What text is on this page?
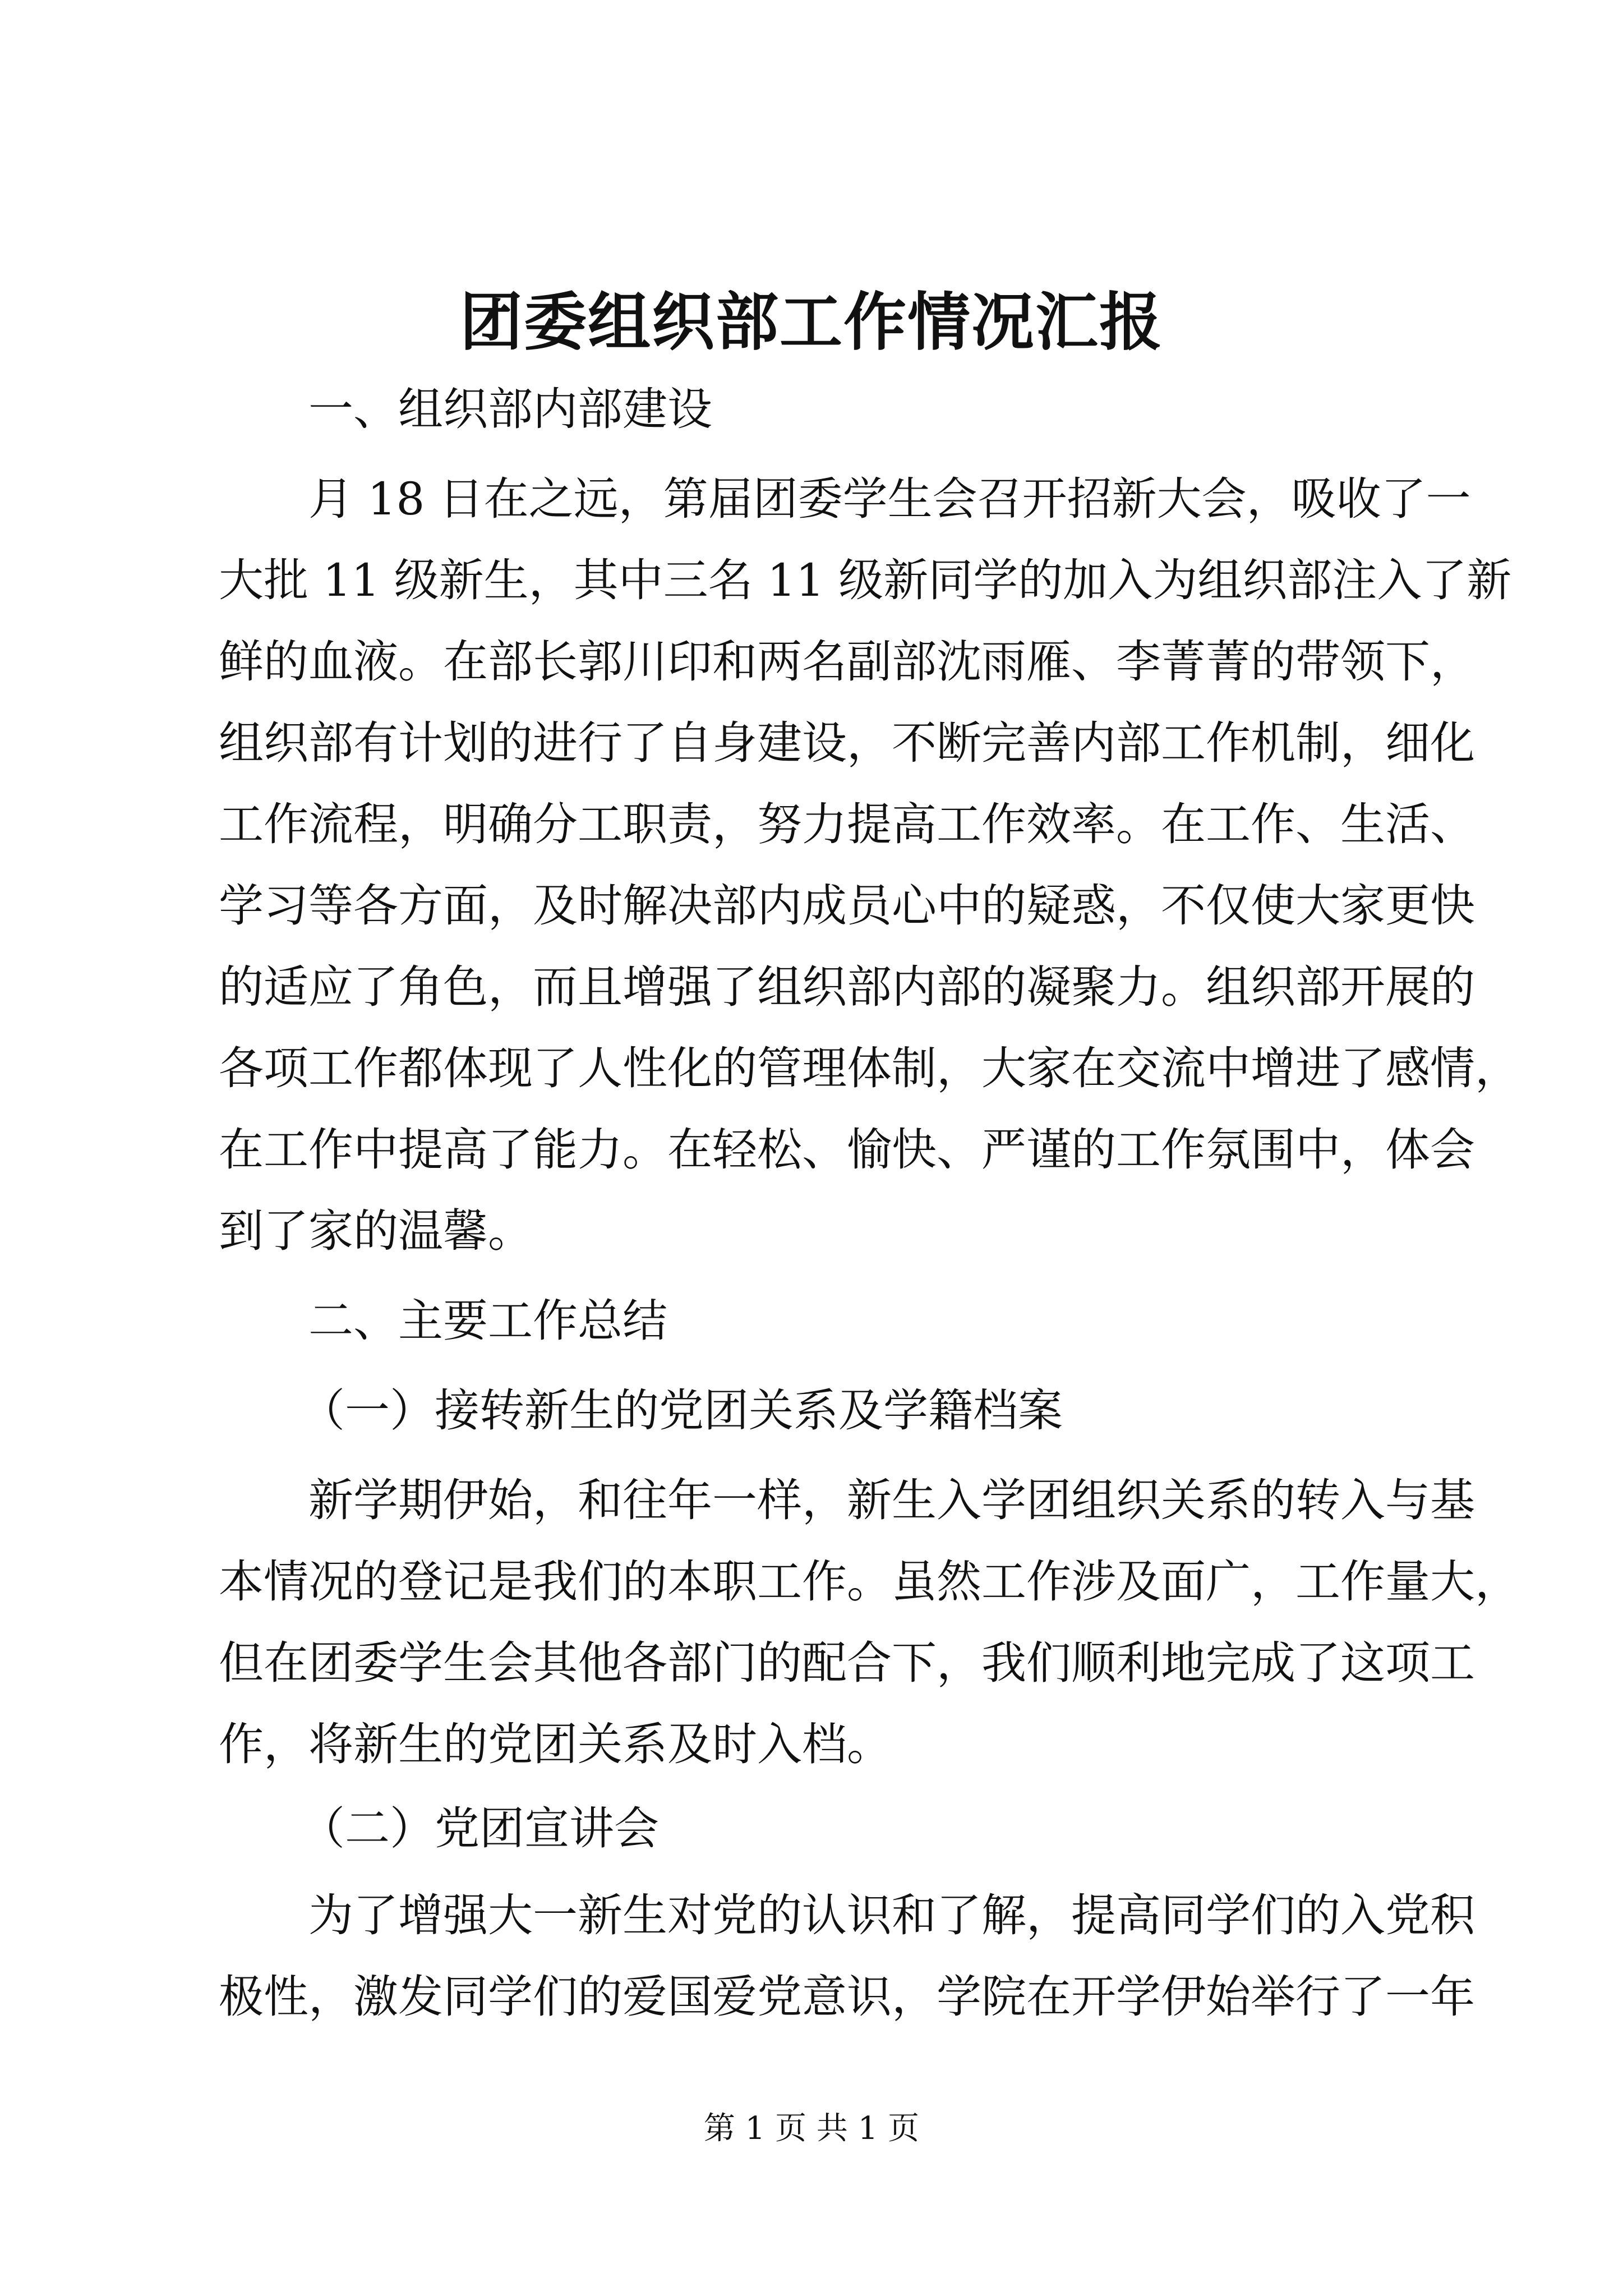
团委组织部工作情况汇报
一、组织部内部建设
月 18 日在之远，第届团委学生会召开招新大会，吸收了一
大批 11 级新生，其中三名 11 级新同学的加入为组织部注入了新
鲜的血液。在部长郭川印和两名副部沈雨雁、李菁菁的带领下，
组织部有计划的进行了自身建设，不断完善内部工作机制，细化
工作流程，明确分工职责，努力提高工作效率。在工作、生活、
学习等各方面，及时解决部内成员心中的疑惑，不仅使大家更快
的适应了角色，而且增强了组织部内部的凝聚力。组织部开展的
各项工作都体现了人性化的管理体制，大家在交流中增进了感情，
在工作中提高了能力。在轻松、愉快、严谨的工作氛围中，体会
到了家的温馨。
新学期伊始，和往年一样，新生入学团组织关系的转入与基
本情况的登记是我们的本职工作。虽然工作涉及面广，工作量大，
但在团委学生会其他各部门的配合下，我们顺利地完成了这项工
作，将新生的党团关系及时入档。
为了增强大一新生对党的认识和了解，提高同学们的入党积
极性，激发同学们的爱国爱党意识，学院在开学伊始举行了一年
二、主要工作总结
（一）接转新生的党团关系及学籍档案
（二）党团宣讲会
第 1 页 共 1 页
